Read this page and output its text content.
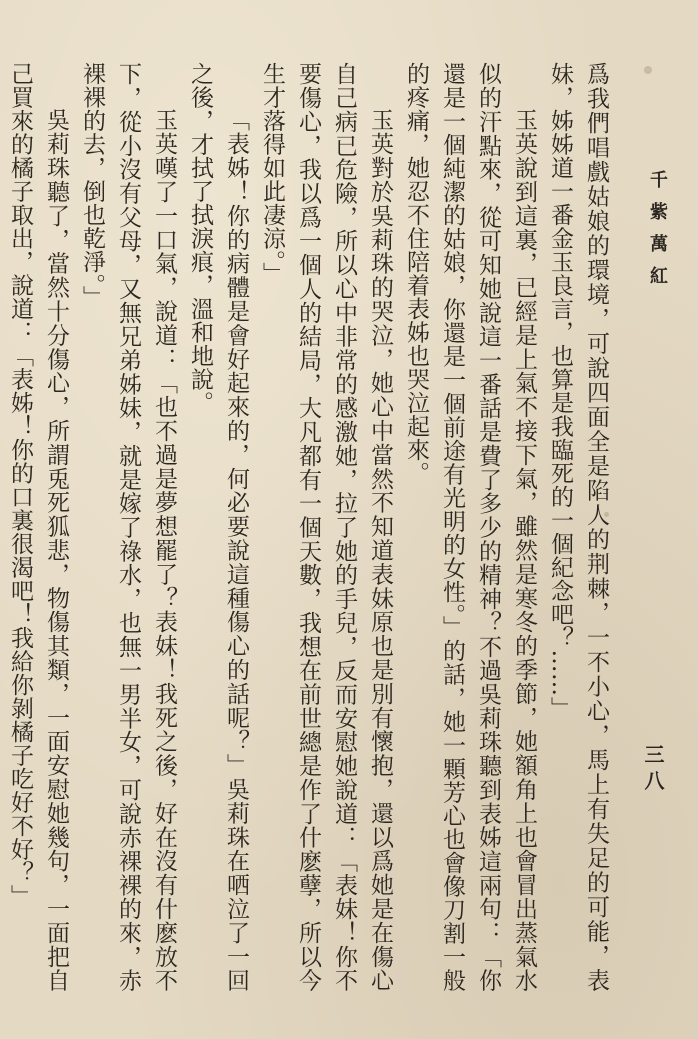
千紫萬紅
三八

爲我們唱戲姑娘的環境，可說四面全是陷人的荆棘，一不小心，馬上有失足的可能，表妹，姊姊道一番金玉良言，也算是我臨死的一個紀念吧？……」

玉英說到這裏，已經是上氣不接下氣，雖然是寒冬的季節，她額角上也會冒出蒸氣水似的汗點來，從可知她說這一番話是費了多少的精神？不過吳莉珠聽到表姊這兩句：「你還是一個純潔的姑娘，你還是一個前途有光明的女性。」的話，她一顆芳心也會像刀割一般的疼痛，她忍不住陪着表姊也哭泣起來。

玉英對於吳莉珠的哭泣，她心中當然不知道表妹原也是別有懷抱，還以爲她是在傷心自己病已危險，所以心中非常的感激她，拉了她的手兒，反而安慰她說道：「表妹！你不要傷心，我以爲一個人的結局，大凡都有一個天數，我想在前世總是作了什麽孽，所以今生才落得如此凄涼。」

「表姊！你的病體是會好起來的，何必要說這種傷心的話呢？」吳莉珠在哂泣了一回之後，才拭了拭淚痕，溫和地說。

玉英嘆了一口氣，說道：「也不過是夢想罷了？表妹！我死之後，好在沒有什麽放不下，從小沒有父母，又無兄弟姊妹，就是嫁了祿水，也無一男半女，可說赤裸裸的來，赤裸裸的去，倒也乾淨。」

吳莉珠聽了，當然十分傷心，所謂兎死狐悲，物傷其類，一面安慰她幾句，一面把自己買來的橘子取出，說道：「表姊！你的口裏很渴吧！我給你剝橘子吃好不好？」
